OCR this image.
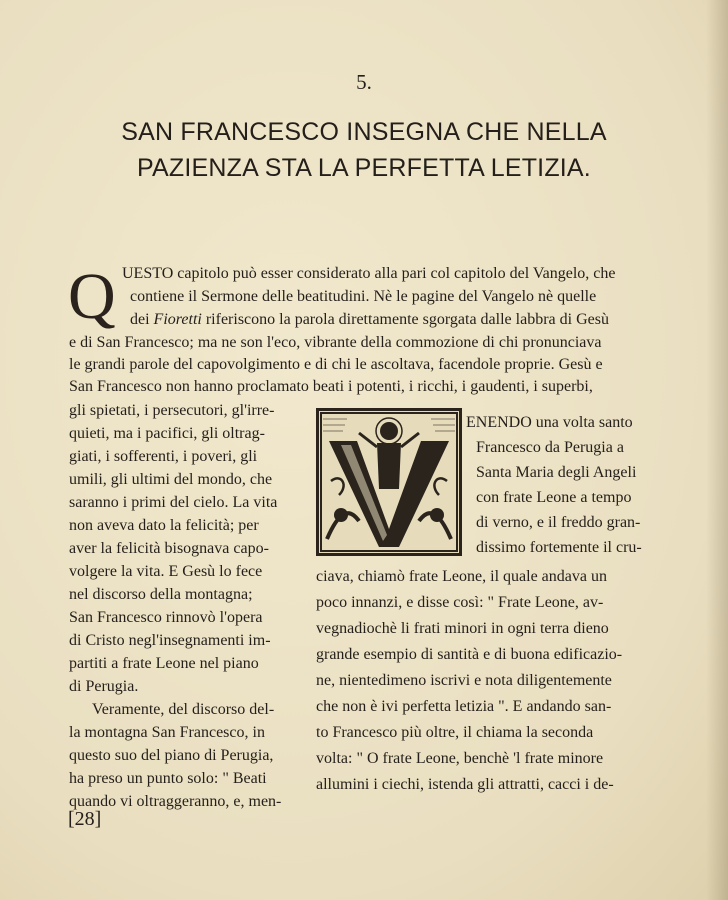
5.
SAN FRANCESCO INSEGNA CHE NELLA
PAZIENZA STA LA PERFETTA LETIZIA.
Q UESTO capitolo può esser considerato alla pari col capitolo del Vangelo, che
contiene il Sermone delle beatitudini. Nè le pagine del Vangelo nè quelle
dei Fioretti riferiscono la parola direttamente sgorgata dalle labbra di Gesù
e di San Francesco; ma ne son l'eco, vibrante della commozione di chi pronunciava
le grandi parole del capovolgimento e di chi le ascoltava, facendole proprie. Gesù e
San Francesco non hanno proclamato beati i potenti, i ricchi, i gaudenti, i superbi,
gli spietati, i persecutori, gl'irre-
quieti, ma i pacifici, gli oltrag-
giati, i sofferenti, i poveri, gli
umili, gli ultimi del mondo, che
saranno i primi del cielo. La vita
non aveva dato la felicità; per
aver la felicità bisognava capo-
volgere la vita. E Gesù lo fece
nel discorso della montagna;
San Francesco rinnovò l'opera
di Cristo negl'insegnamenti im-
partiti a frate Leone nel piano
di Perugia.
Veramente, del discorso del-
la montagna San Francesco, in
questo suo del piano di Perugia,
ha preso un punto solo: " Beati
quando vi oltraggeranno, e, men-
ENENDO una volta santo
Francesco da Perugia a
Santa Maria degli Angeli
con frate Leone a tempo
di verno, e il freddo gran-
dissimo fortemente il cru-
ciava, chiamò frate Leone, il quale andava un
poco innanzi, e disse così: " Frate Leone, av-
vegnadiochè li frati minori in ogni terra dieno
grande esempio di santità e di buona edificazio-
ne, nientedimeno iscrivi e nota diligentemente
che non è ivi perfetta letizia ". E andando san-
to Francesco più oltre, il chiama la seconda
volta: " O frate Leone, benchè 'l frate minore
allumini i ciechi, istenda gli attratti, cacci i de-
[28]
